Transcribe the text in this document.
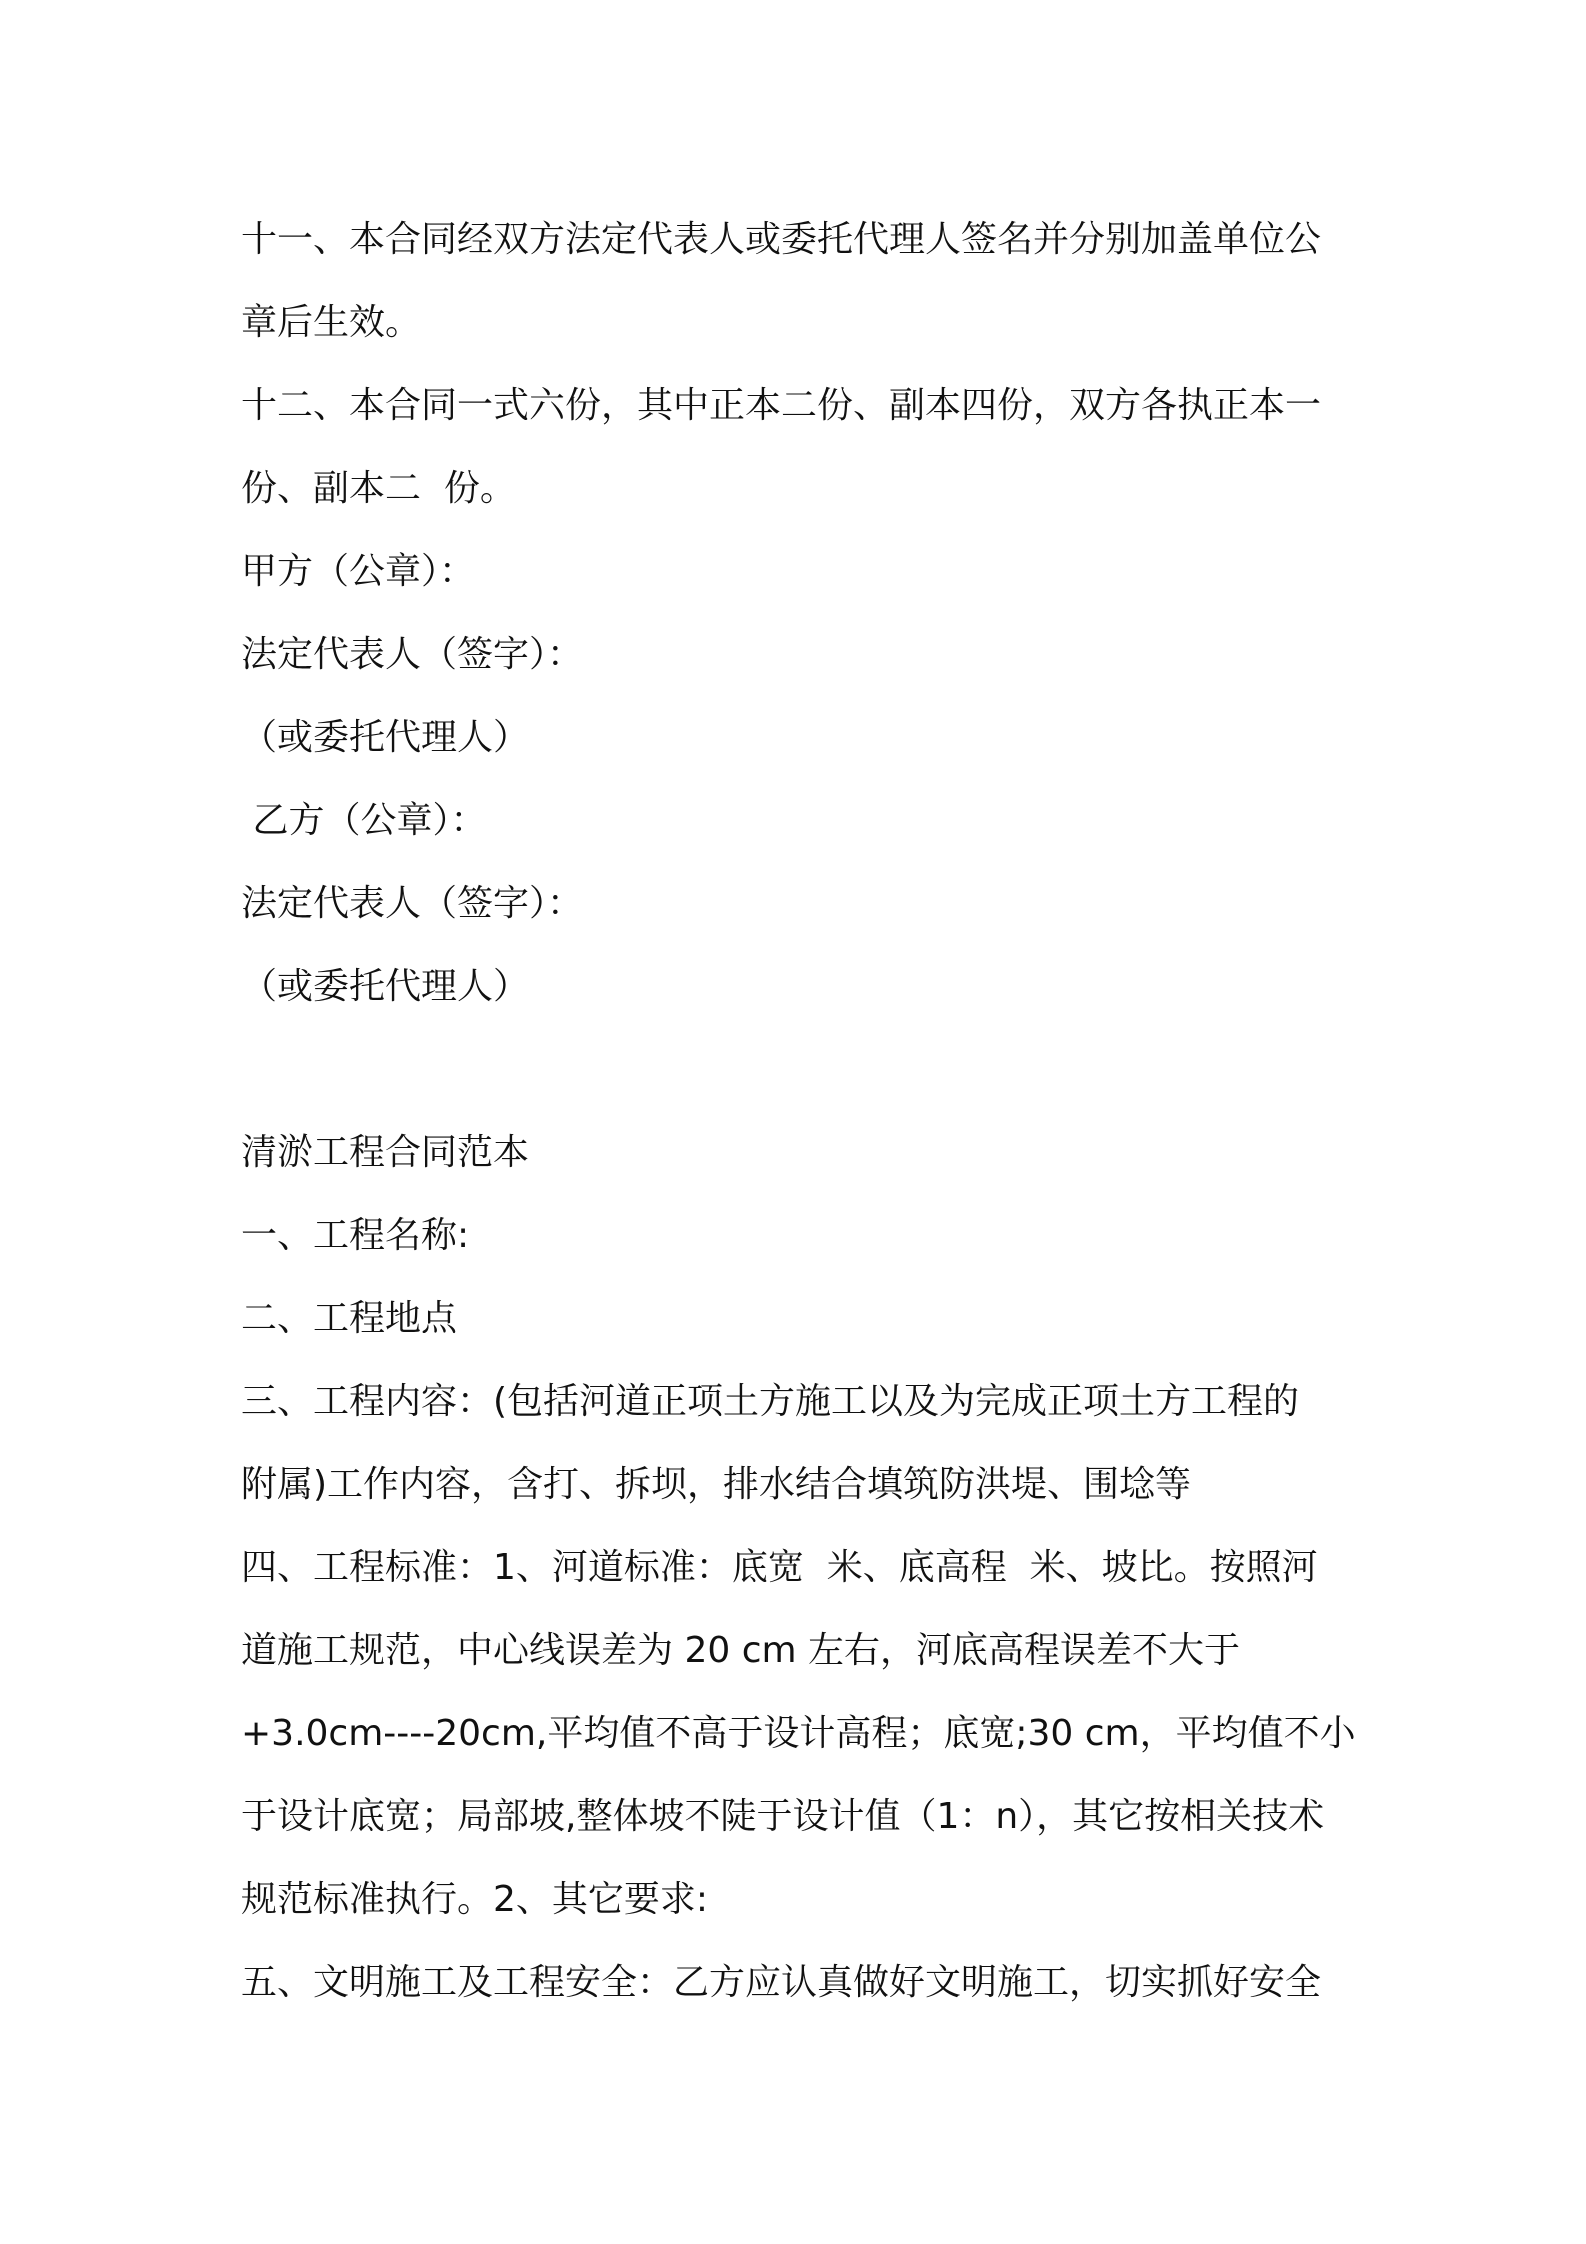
十一、本合同经双方法定代表人或委托代理人签名并分别加盖单位公

章后生效。

十二、本合同一式六份，其中正本二份、副本四份，双方各执正本一

份、副本二  份。

甲方（公章）：

法定代表人（签字）：

（或委托代理人）

乙方（公章）：

法定代表人（签字）：

（或委托代理人）

清淤工程合同范本

一、工程名称:

二、工程地点

三、工程内容：(包括河道正项土方施工以及为完成正项土方工程的

附属)工作内容，含打、拆坝，排水结合填筑防洪堤、围埝等

四、工程标准：1、河道标准：底宽  米、底高程  米、坡比。按照河

道施工规范，中心线误差为 20 cm 左右，河底高程误差不大于

+3.0cm----20cm,平均值不高于设计高程；底宽;30 cm，平均值不小

于设计底宽；局部坡,整体坡不陡于设计值（1：n），其它按相关技术

规范标准执行。2、其它要求:

五、文明施工及工程安全：乙方应认真做好文明施工，切实抓好安全
